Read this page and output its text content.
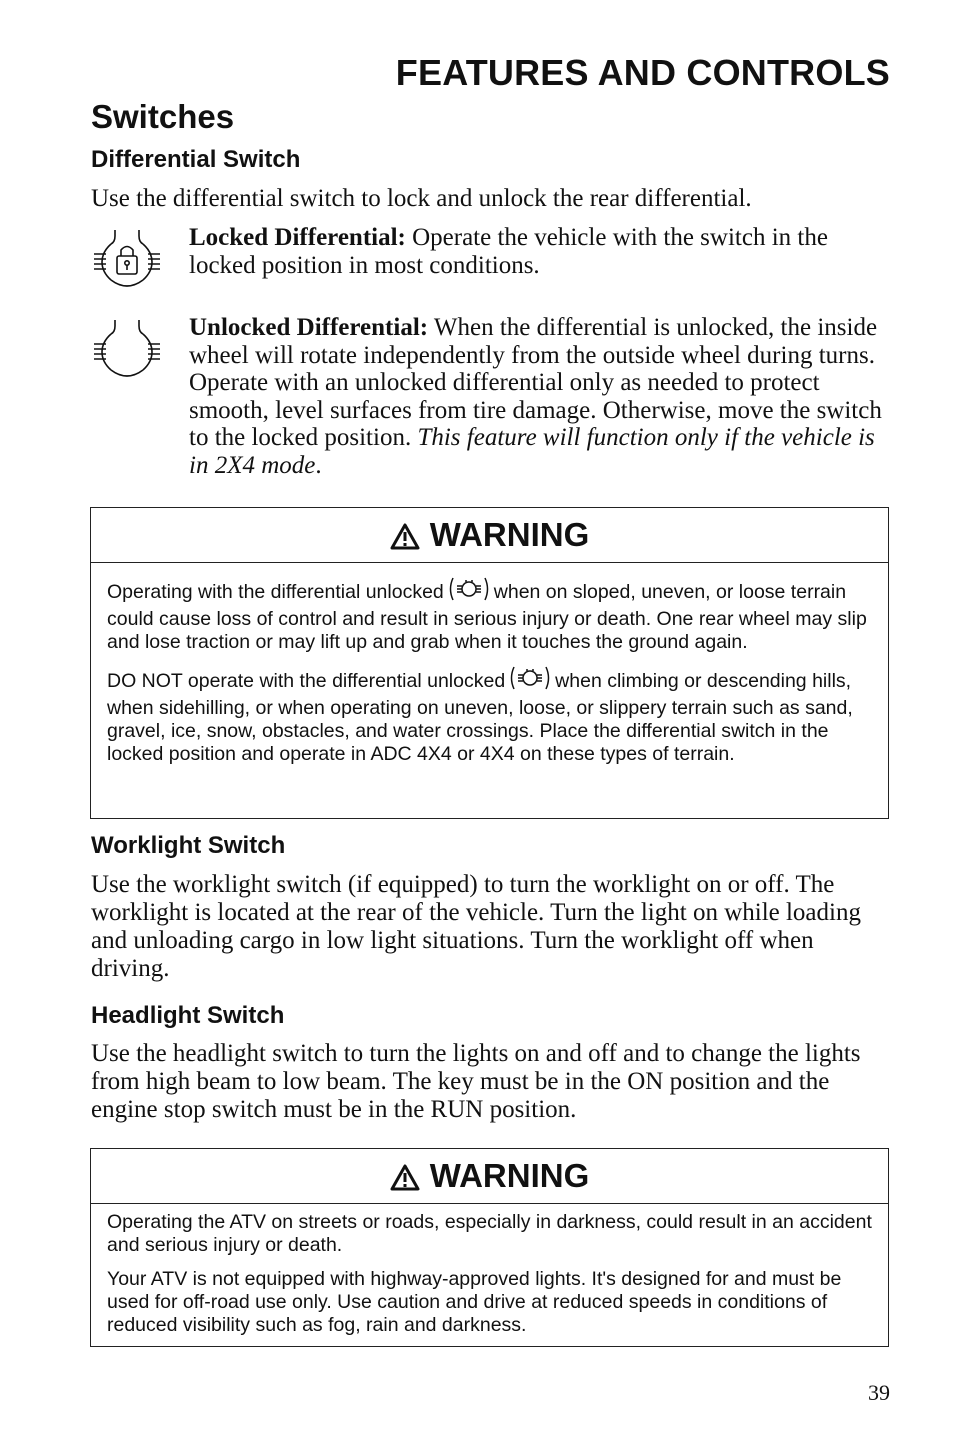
FEATURES AND CONTROLS
Switches
Differential Switch
Use the differential switch to lock and unlock the rear differential.
Locked Differential: Operate the vehicle with the switch in the locked position in most conditions.
Unlocked Differential: When the differential is unlocked, the inside wheel will rotate independently from the outside wheel during turns. Operate with an unlocked differential only as needed to protect smooth, level surfaces from tire damage. Otherwise, move the switch to the locked position. This feature will function only if the vehicle is in 2X4 mode.
WARNING

Operating with the differential unlocked	when on sloped, uneven, or loose terrain could cause loss of control and result in serious injury or death. One rear wheel may slip and lose traction or may lift up and grab when it touches the ground again.

DO NOT operate with the differential unlocked	when climbing or descending hills, when sidehilling, or when operating on uneven, loose, or slippery terrain such as sand, gravel, ice, snow, obstacles, and water crossings. Place the differential switch in the locked position and operate in ADC 4X4 or 4X4 on these types of terrain.

Worklight Switch
Use the worklight switch (if equipped) to turn the worklight on or off. The worklight is located at the rear of the vehicle. Turn the light on while loading and unloading cargo in low light situations. Turn the worklight off when driving.
Headlight Switch
Use the headlight switch to turn the lights on and off and to change the lights from high beam to low beam. The key must be in the ON position and the engine stop switch must be in the RUN position.
WARNING

Operating the ATV on streets or roads, especially in darkness, could result in an accident and serious injury or death.

Your ATV is not equipped with highway-approved lights. It's designed for and must be used for off-road use only. Use caution and drive at reduced speeds in conditions of reduced visibility such as fog, rain and darkness.

39
